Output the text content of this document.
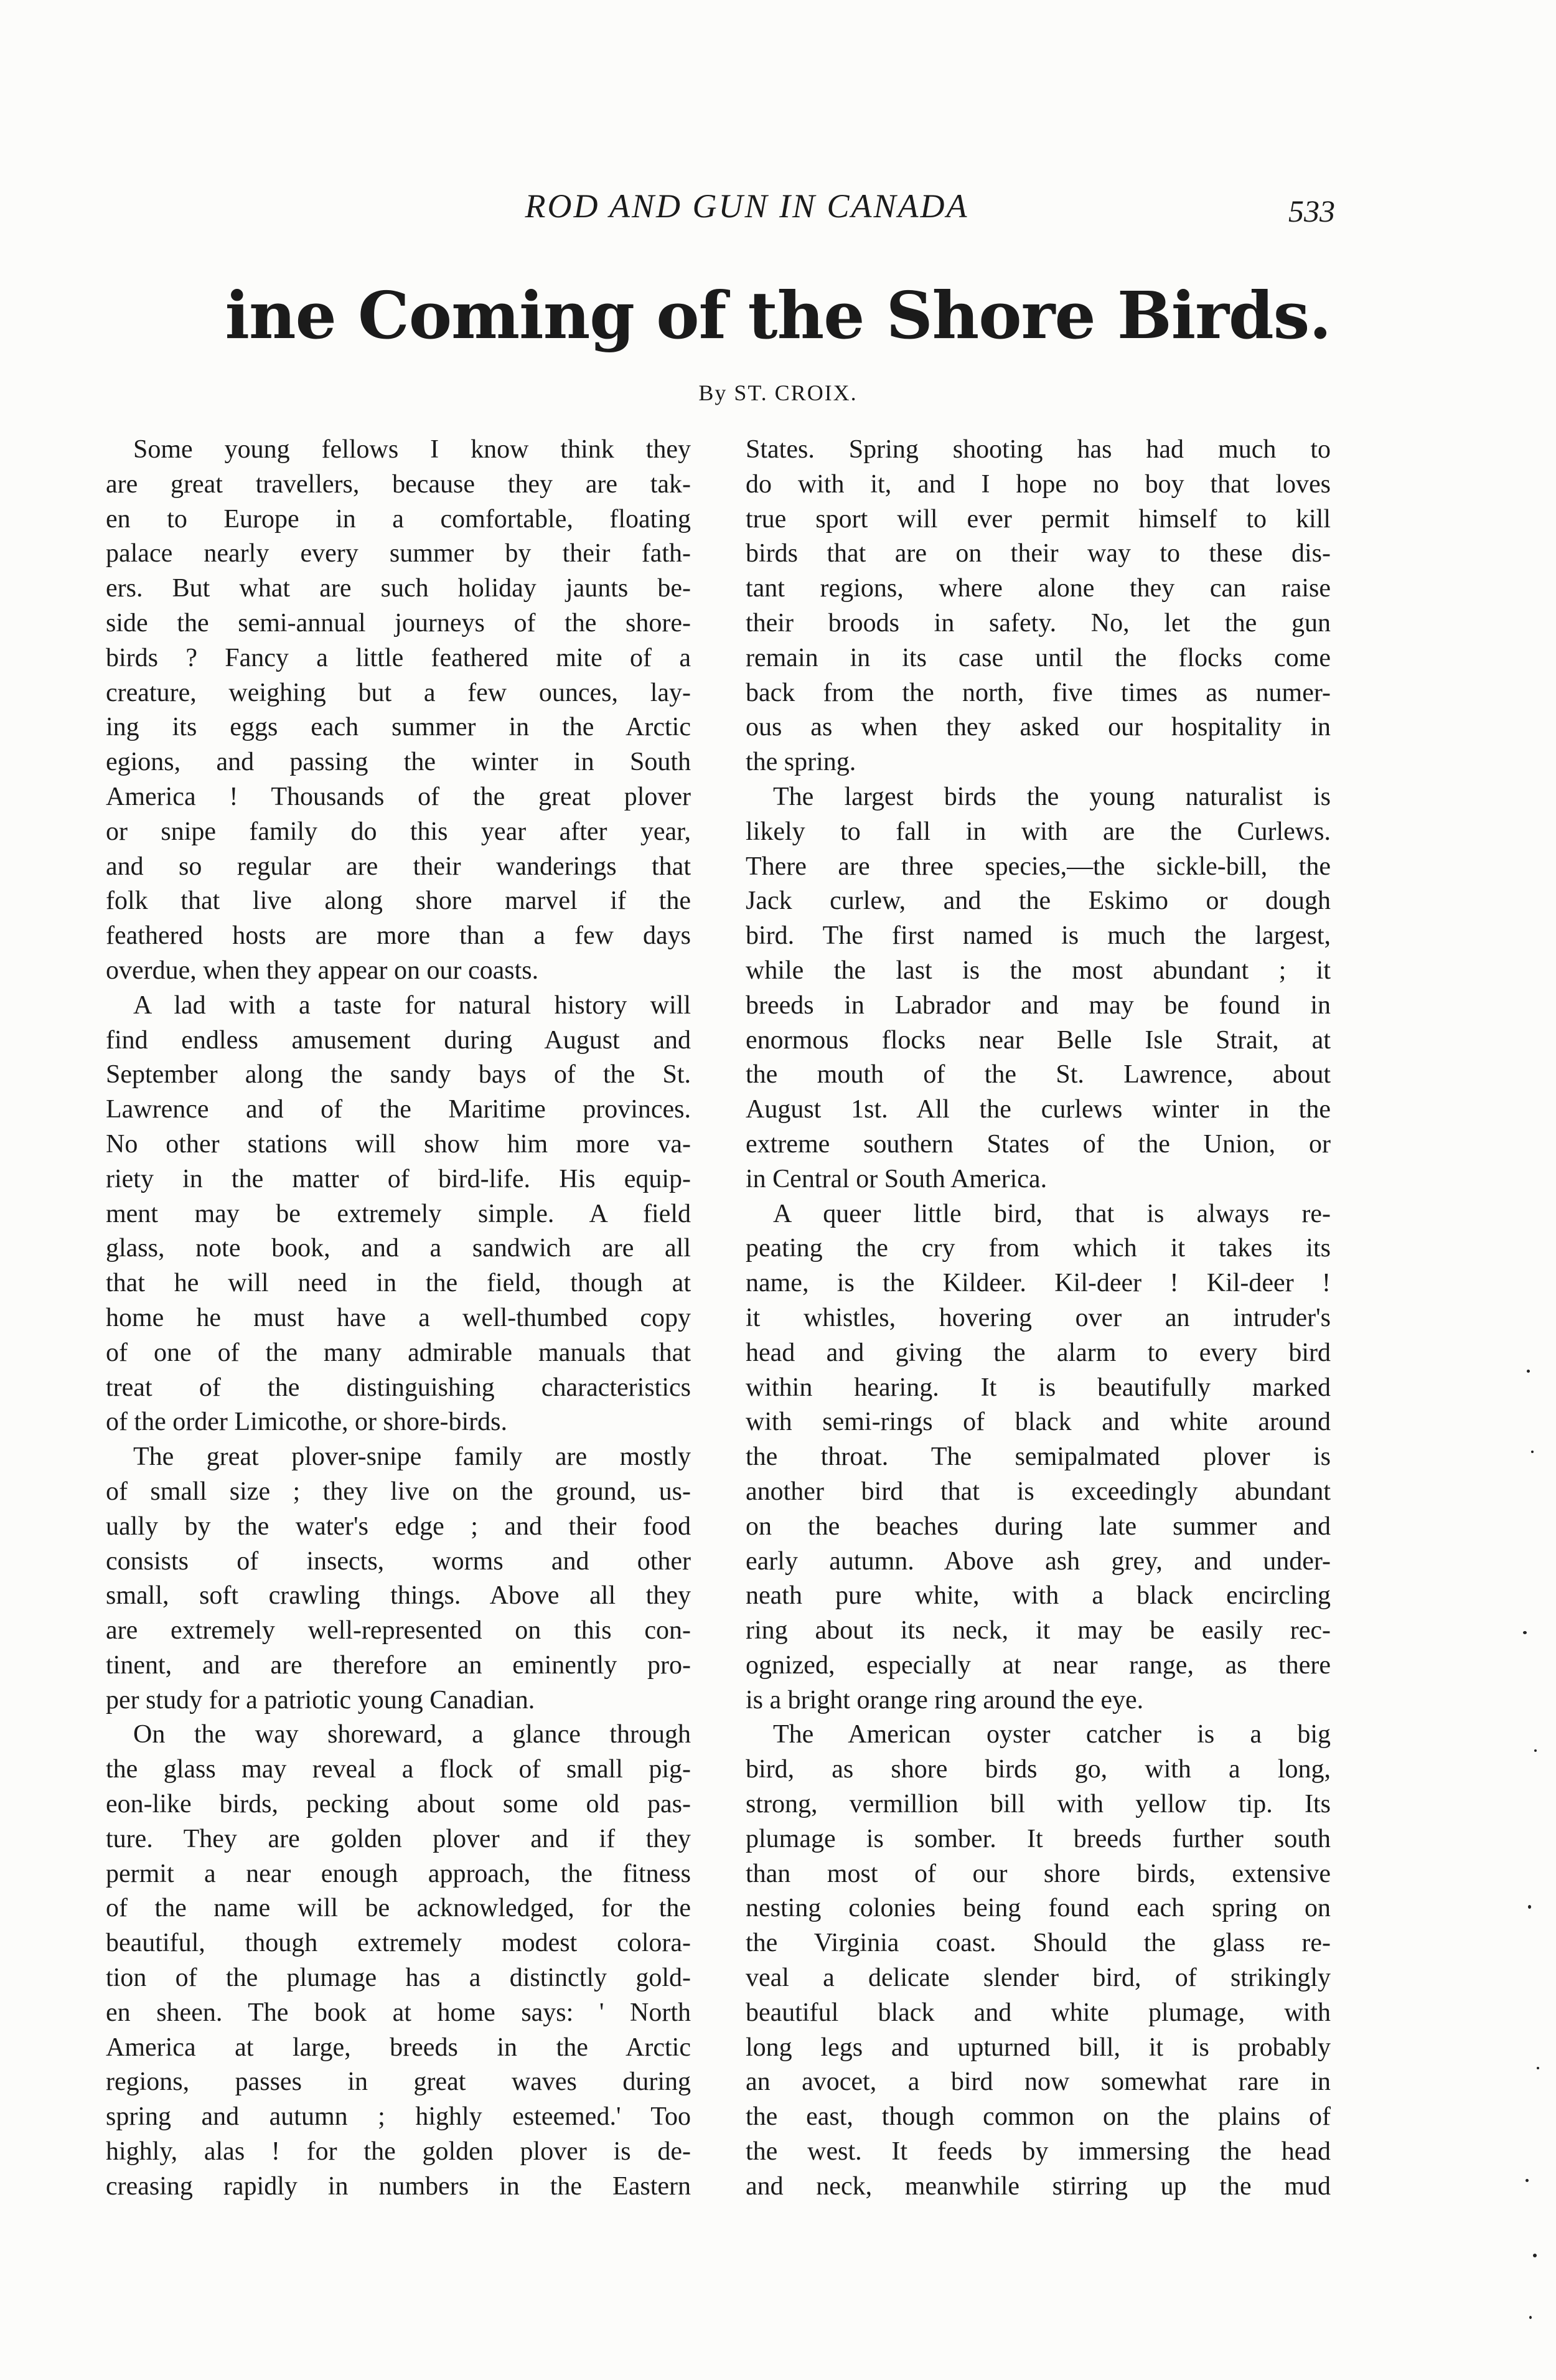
ROD AND GUN IN CANADA	533
ine Coming of the Shore Birds.
By ST. CROIX.
Some young fellows I know think they
are great travellers, because they are tak-
en to Europe in a comfortable, floating
palace nearly every summer by their fath-
ers. But what are such holiday jaunts be-
side the semi-annual journeys of the shore-
birds ? Fancy a little feathered mite of a
creature, weighing but a few ounces, lay-
ing its eggs each summer in the Arctic
egions, and passing the winter in South
America ! Thousands of the great plover
or snipe family do this year after year,
and so regular are their wanderings that
folk that live along shore marvel if the
feathered hosts are more than a few days
overdue, when they appear on our coasts.
A lad with a taste for natural history will
find endless amusement during August and
September along the sandy bays of the St.
Lawrence and of the Maritime provinces.
No other stations will show him more va-
riety in the matter of bird-life. His equip-
ment may be extremely simple. A field
glass, note book, and a sandwich are all
that he will need in the field, though at
home he must have a well-thumbed copy
of one of the many admirable manuals that
treat of the distinguishing characteristics
of the order Limicothe, or shore-birds.
The great plover-snipe family are mostly
of small size ; they live on the ground, us-
ually by the water's edge ; and their food
consists of insects, worms and other
small, soft crawling things. Above all they
are extremely well-represented on this con-
tinent, and are therefore an eminently pro-
per study for a patriotic young Canadian.
On the way shoreward, a glance through
the glass may reveal a flock of small pig-
eon-like birds, pecking about some old pas-
ture. They are golden plover and if they
permit a near enough approach, the fitness
of the name will be acknowledged, for the
beautiful, though extremely modest colora-
tion of the plumage has a distinctly gold-
en sheen. The book at home says: ' North
America at large, breeds in the Arctic
regions, passes in great waves during
spring and autumn ; highly esteemed.' Too
highly, alas ! for the golden plover is de-
creasing rapidly in numbers in the Eastern
States. Spring shooting has had much to
do with it, and I hope no boy that loves
true sport will ever permit himself to kill
birds that are on their way to these dis-
tant regions, where alone they can raise
their broods in safety. No, let the gun
remain in its case until the flocks come
back from the north, five times as numer-
ous as when they asked our hospitality in
the spring.
The largest birds the young naturalist is
likely to fall in with are the Curlews.
There are three species,—the sickle-bill, the
Jack curlew, and the Eskimo or dough
bird. The first named is much the largest,
while the last is the most abundant ; it
breeds in Labrador and may be found in
enormous flocks near Belle Isle Strait, at
the mouth of the St. Lawrence, about
August 1st. All the curlews winter in the
extreme southern States of the Union, or
in Central or South America.
A queer little bird, that is always re-
peating the cry from which it takes its
name, is the Kildeer. Kil-deer ! Kil-deer !
it whistles, hovering over an intruder's
head and giving the alarm to every bird
within hearing. It is beautifully marked
with semi-rings of black and white around
the throat. The semipalmated plover is
another bird that is exceedingly abundant
on the beaches during late summer and
early autumn. Above ash grey, and under-
neath pure white, with a black encircling
ring about its neck, it may be easily rec-
ognized, especially at near range, as there
is a bright orange ring around the eye.
The American oyster catcher is a big
bird, as shore birds go, with a long,
strong, vermillion bill with yellow tip. Its
plumage is somber. It breeds further south
than most of our shore birds, extensive
nesting colonies being found each spring on
the Virginia coast. Should the glass re-
veal a delicate slender bird, of strikingly
beautiful black and white plumage, with
long legs and upturned bill, it is probably
an avocet, a bird now somewhat rare in
the east, though common on the plains of
the west. It feeds by immersing the head
and neck, meanwhile stirring up the mud
